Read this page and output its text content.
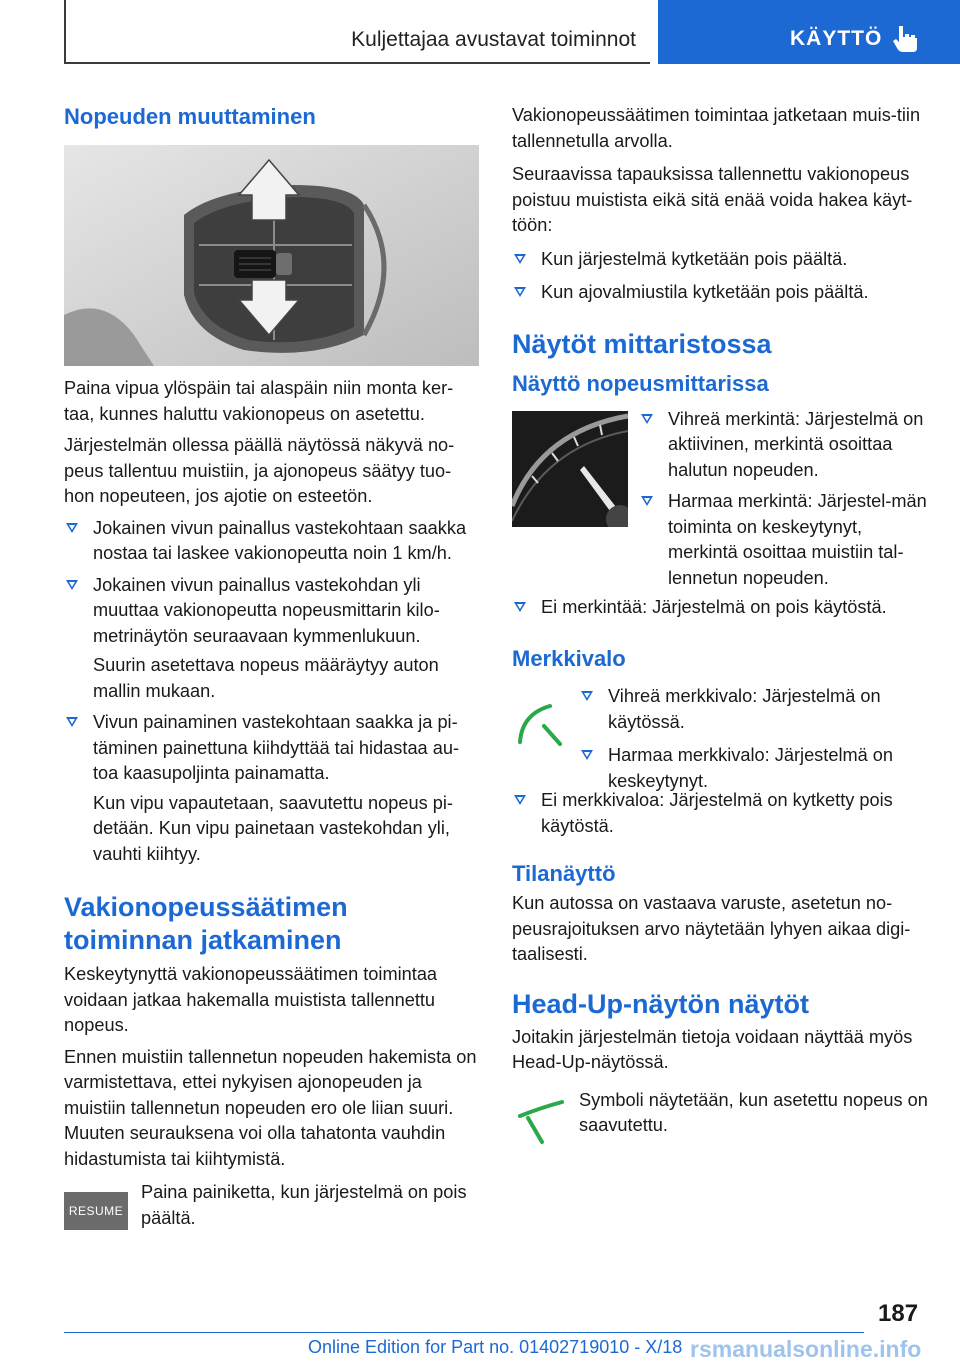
Kuljettajaa avustavat toiminnot	KÄYTTÖ
Nopeuden muuttaminen

Paina vipua ylöspäin tai alaspäin niin monta ker-taa, kunnes haluttu vakionopeus on asetettu.

Järjestelmän ollessa päällä näytössä näkyvä no-peus tallentuu muistiin, ja ajonopeus säätyy tuo-hon nopeuteen, jos ajotie on esteetön.

Jokainen vivun painallus vastekohtaan saakka nostaa tai laskee vakionopeutta noin 1 km/h.
Jokainen vivun painallus vastekohdan yli muuttaa vakionopeutta nopeusmittarin kilo-metrinäytön seuraavaan kymmenlukuun.
Suurin asetettava nopeus määräytyy auton mallin mukaan.
Vivun painaminen vastekohtaan saakka ja pi-täminen painettuna kiihdyttää tai hidastaa au-toa kaasupoljinta painamatta.
Kun vipu vapautetaan, saavutettu nopeus pi-detään. Kun vipu painetaan vastekohdan yli, vauhti kiihtyy.
Vakionopeussäätimen toiminnan jatkaminen

Keskeytynyttä vakionopeussäätimen toimintaa voidaan jatkaa hakemalla muistista tallennettu nopeus.

Ennen muistiin tallennetun nopeuden hakemista on varmistettava, ettei nykyisen ajonopeuden ja muistiin tallennetun nopeuden ero ole liian suuri. Muuten seurauksena voi olla tahatonta vauhdin hidastumista tai kiihtymistä.

RESUME
Paina painiketta, kun järjestelmä on pois päältä.

Vakionopeussäätimen toimintaa jatketaan muis-tiin tallennetulla arvolla.

Seuraavissa tapauksissa tallennettu vakionopeus poistuu muistista eikä sitä enää voida hakea käyt-töön:

Kun järjestelmä kytketään pois päältä.
Kun ajovalmiustila kytketään pois päältä.
Näytöt mittaristossa
Näyttö nopeusmittarissa
Vihreä merkintä: Järjestelmä on aktiivinen, merkintä osoittaa halutun nopeuden.
Harmaa merkintä: Järjestel-män toiminta on keskeytynyt, merkintä osoittaa muistiin tal-lennetun nopeuden.
Ei merkintää: Järjestelmä on pois käytöstä.
Merkkivalo
Vihreä merkkivalo: Järjestelmä on käytössä.
Harmaa merkkivalo: Järjestelmä on keskeytynyt.
Ei merkkivaloa: Järjestelmä on kytketty pois käytöstä.
Tilanäyttö

Kun autossa on vastaava varuste, asetetun no-peusrajoituksen arvo näytetään lyhyen aikaa digi-taalisesti.

Head-Up-näytön näytöt

Joitakin järjestelmän tietoja voidaan näyttää myös Head-Up-näytössä.

Symboli näytetään, kun asetettu nopeus on saavutettu.
187
Online Edition for Part no. 01402719010 - X/18 rsmanualsonline.info
